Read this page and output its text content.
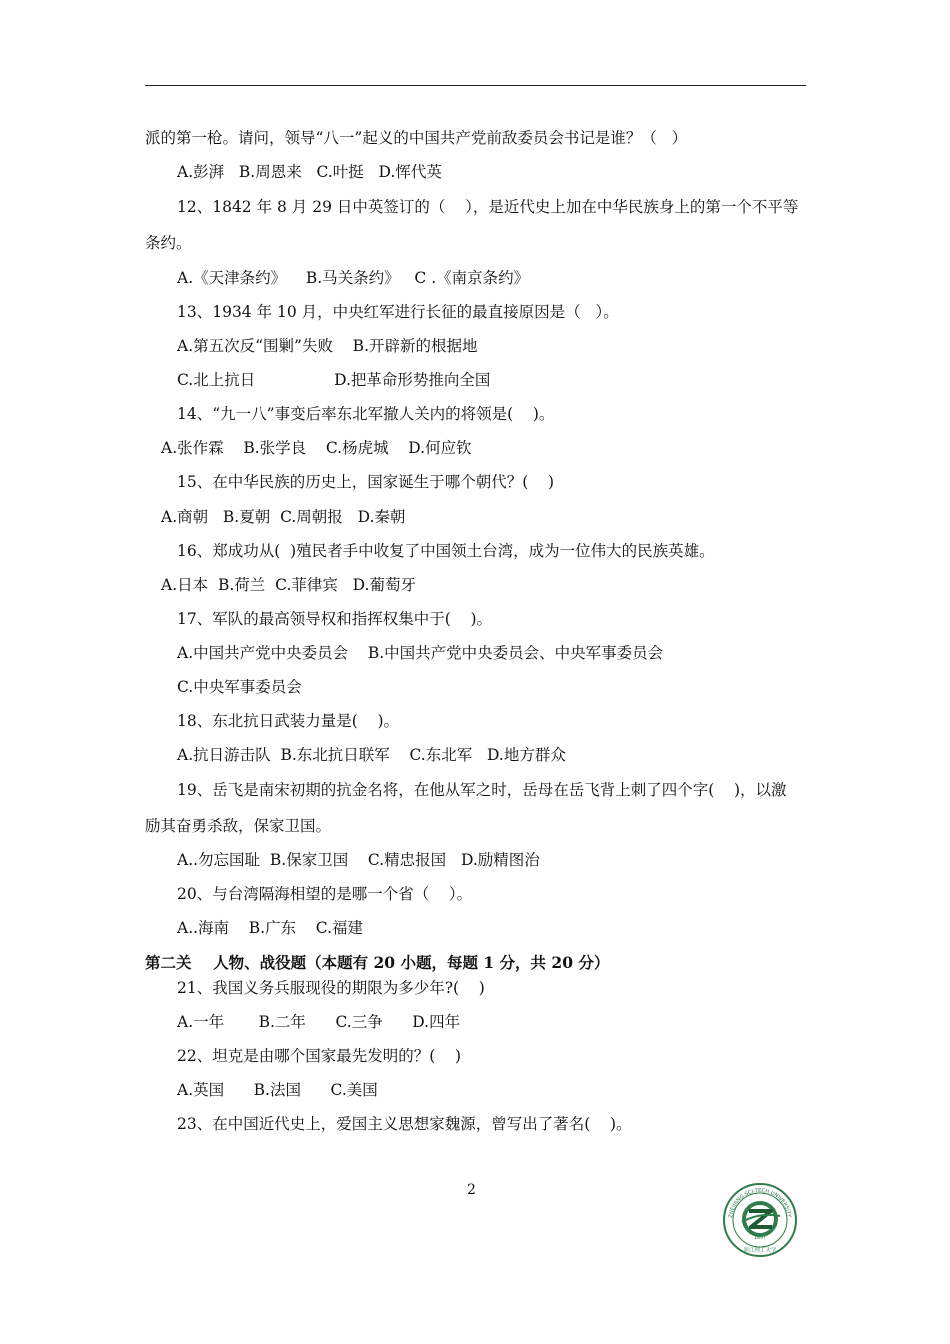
派的第一枪。请问，领导“八一”起义的中国共产党前敌委员会书记是谁？（   ）
A.彭湃   B.周恩来   C.叶挺   D.恽代英
12、1842 年 8 月 29 日中英签订的（    ），是近代史上加在中华民族身上的第一个不平等
条约。
A.《天津条约》    B.马关条约》   C .《南京条约》
13、1934 年 10 月，中央红军进行长征的最直接原因是（   ）。
A.第五次反“围剿”失败    B.开辟新的根据地
C.北上抗日                D.把革命形势推向全国
14、“九一八”事变后率东北军撤人关内的将领是(    )。
A.张作霖    B.张学良    C.杨虎城    D.何应钦
15、在中华民族的历史上，国家诞生于哪个朝代？(    )
A.商朝   B.夏朝  C.周朝报   D.秦朝
16、郑成功从(  )殖民者手中收复了中国领土台湾，成为一位伟大的民族英雄。
A.日本  B.荷兰  C.菲律宾   D.葡萄牙
17、军队的最高领导权和指挥权集中于(    )。
A.中国共产党中央委员会    B.中国共产党中央委员会、中央军事委员会
C.中央军事委员会
18、东北抗日武装力量是(    )。
A.抗日游击队  B.东北抗日联军    C.东北军   D.地方群众
19、岳飞是南宋初期的抗金名将，在他从军之时，岳母在岳飞背上刺了四个字(    )，以激
励其奋勇杀敌，保家卫国。
A..勿忘国耻  B.保家卫国    C.精忠报国   D.励精图治
20、与台湾隔海相望的是哪一个省（    ）。
A..海南    B.广东    C.福建
第二关    人物、战役题（本题有 20 小题，每题 1 分，共 20 分）
21、我国义务兵服现役的期限为多少年?(    )
A.一年       B.二年      C.三争      D.四年
22、坦克是由哪个国家最先发明的？(    )
A.英国      B.法国      C.美国
23、在中国近代史上，爱国主义思想家魏源，曾写出了著名(    )。
2
ZHEJIANG SCI-TECH UNIVERSITY
1897
浙江理工大学
